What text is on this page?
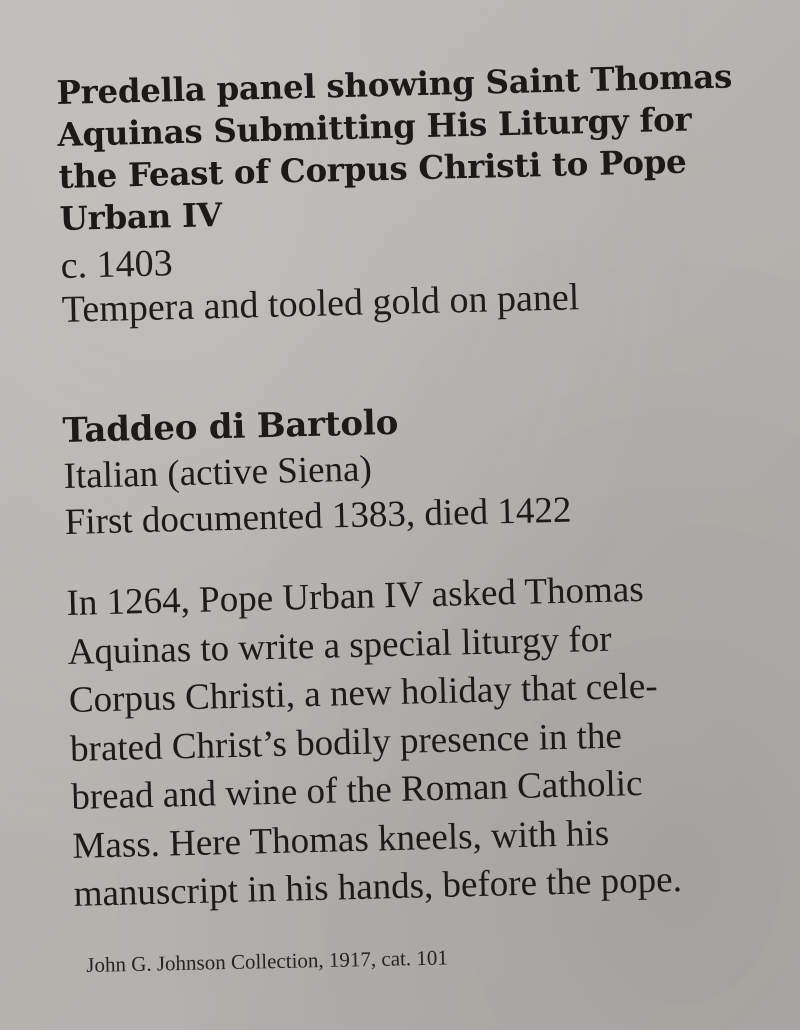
Predella panel showing Saint Thomas
Aquinas Submitting His Liturgy for
the Feast of Corpus Christi to Pope
Urban IV
c. 1403
Tempera and tooled gold on panel
Taddeo di Bartolo
Italian (active Siena)
First documented 1383, died 1422
In 1264, Pope Urban IV asked Thomas
Aquinas to write a special liturgy for
Corpus Christi, a new holiday that cele-
brated Christ’s bodily presence in the
bread and wine of the Roman Catholic
Mass. Here Thomas kneels, with his
manuscript in his hands, before the pope.
John G. Johnson Collection, 1917, cat. 101
